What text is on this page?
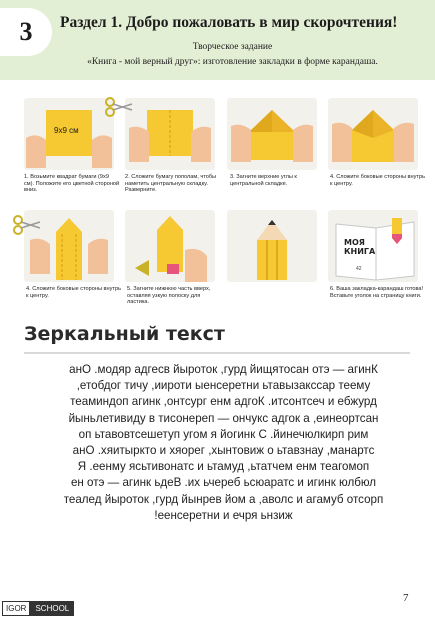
3	Раздел 1. Добро пожаловать в мир скорочтения!
Творческое задание
«Книга - мой верный друг»: изготовление закладки в форме карандаша.
9x9 см
1. Возьмите квадрат бумаги (9х9 см). Положите его цветной стороной вниз.
2. Сложите бумагу пополам, чтобы наметить центральную складку. Разверните.
3. Загните верхние углы к центральной складке.
4. Сложите боковые стороны внутрь к центру.
4. Сложите боковые стороны внутрь к центру.
5. Загните нижнюю часть вверх, оставляя узкую полоску для ластика.
МОЯ КНИГА
42
6. Ваша закладка-карандаш готова! Вставьте уголок на страницу книги.
Зеркальный текст
анО .модяр адгесв йыроток ,гурд йищятосан отэ — агинК
,етобдог тичу ,иироти ыенсеретни ьтавызакссар теему
теаминдоп агинк ,онтсург енм адгоК .итсонтсеч и ебжурд
йыньлетивиду в тисонереп — ончукс адгок а ,еинеортсан
оп ьтавовтсешетуп угом я йогинк С .йинечюлкирп рим
анО .хяитыркто и хяорег ,хынтовиж о ьтавзнау ,манартс
Я .еенму ясьтивонатс и ьтамуд ,ьтатчем енм теагомоп
ен отэ — агинк ьдеВ .их ьчереб ьсюаратс и игинк юлбюл
теалед йыроток ,гурд йынрев йом а ,аволс и агамуб отсорп
!еенсеретни и ечря ьнзиж
7
IGOR	SCHOOL
